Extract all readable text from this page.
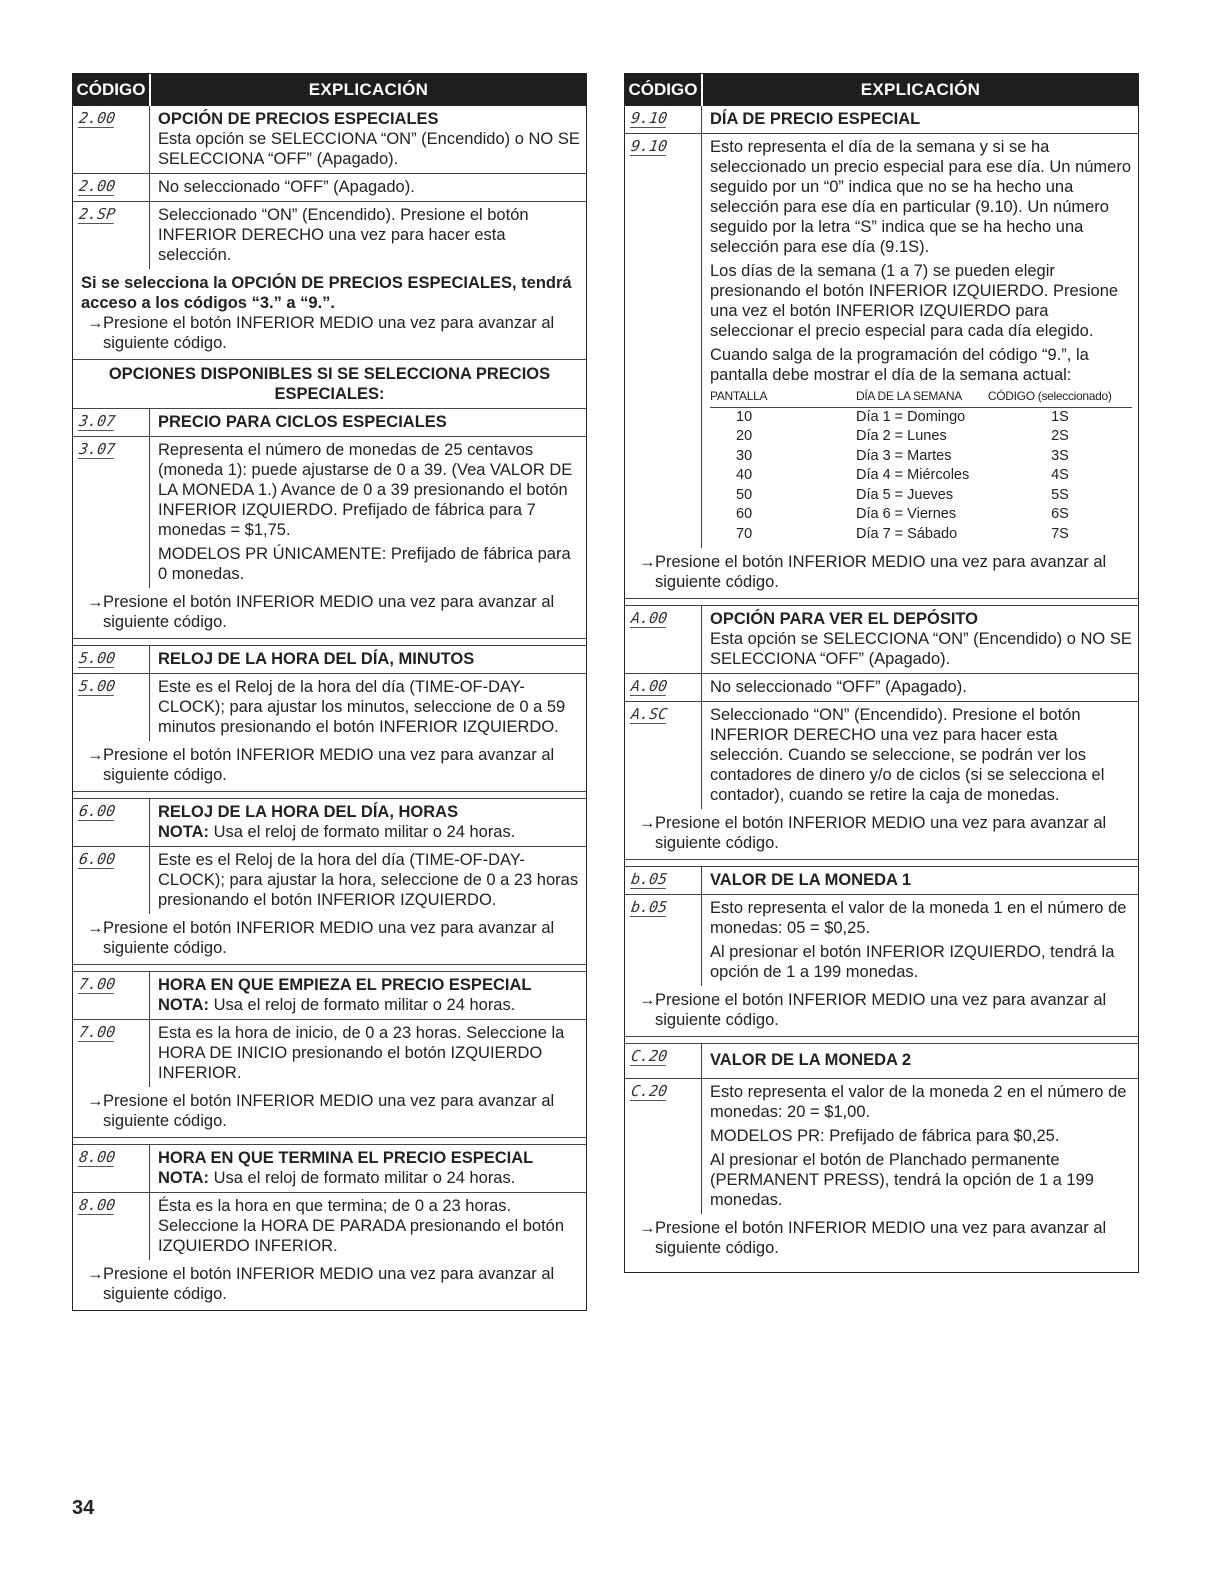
CÓDIGO	EXPLICACIÓN
2.00	OPCIÓN DE PRECIOS ESPECIALES
Esta opción se SELECCIONA “ON” (Encendido) o NO SE SELECCIONA “OFF” (Apagado).
2.00	No seleccionado “OFF” (Apagado).
2.SP	Seleccionado “ON” (Encendido). Presione el botón INFERIOR DERECHO una vez para hacer esta selección.
Si se selecciona la OPCIÓN DE PRECIOS ESPECIALES, tendrá acceso a los códigos “3.” a “9.”.
→Presione el botón INFERIOR MEDIO una vez para avanzar al siguiente código.
OPCIONES DISPONIBLES SI SE SELECCIONA PRECIOS ESPECIALES:
3.07	PRECIO PARA CICLOS ESPECIALES
3.07	Representa el número de monedas de 25 centavos (moneda 1): puede ajustarse de 0 a 39. (Vea VALOR DE LA MONEDA 1.) Avance de 0 a 39 presionando el botón INFERIOR IZQUIERDO. Prefijado de fábrica para 7 monedas = $1,75.
MODELOS PR ÚNICAMENTE: Prefijado de fábrica para 0 monedas.
→Presione el botón INFERIOR MEDIO una vez para avanzar al siguiente código.
5.00	RELOJ DE LA HORA DEL DÍA, MINUTOS
5.00	Este es el Reloj de la hora del día (TIME-OF-DAY-CLOCK); para ajustar los minutos, seleccione de 0 a 59 minutos presionando el botón INFERIOR IZQUIERDO.
→Presione el botón INFERIOR MEDIO una vez para avanzar al siguiente código.
6.00	RELOJ DE LA HORA DEL DÍA, HORAS
NOTA: Usa el reloj de formato militar o 24 horas.
6.00	Este es el Reloj de la hora del día (TIME-OF-DAY-CLOCK); para ajustar la hora, seleccione de 0 a 23 horas presionando el botón INFERIOR IZQUIERDO.
→Presione el botón INFERIOR MEDIO una vez para avanzar al siguiente código.
7.00	HORA EN QUE EMPIEZA EL PRECIO ESPECIAL
NOTA: Usa el reloj de formato militar o 24 horas.
7.00	Esta es la hora de inicio, de 0 a 23 horas. Seleccione la HORA DE INICIO presionando el botón IZQUIERDO INFERIOR.
→Presione el botón INFERIOR MEDIO una vez para avanzar al siguiente código.
8.00	HORA EN QUE TERMINA EL PRECIO ESPECIAL
NOTA: Usa el reloj de formato militar o 24 horas.
8.00	Ésta es la hora en que termina; de 0 a 23 horas. Seleccione la HORA DE PARADA presionando el botón IZQUIERDO INFERIOR.
→Presione el botón INFERIOR MEDIO una vez para avanzar al siguiente código.
CÓDIGO	EXPLICACIÓN
9.10	DÍA DE PRECIO ESPECIAL
9.10	Esto representa el día de la semana y si se ha seleccionado un precio especial para ese día. Un número seguido por un “0” indica que no se ha hecho una selección para ese día en particular (9.10). Un número seguido por la letra “S” indica que se ha hecho una selección para ese día (9.1S).
Los días de la semana (1 a 7) se pueden elegir presionando el botón INFERIOR IZQUIERDO. Presione una vez el botón INFERIOR IZQUIERDO para seleccionar el precio especial para cada día elegido.
Cuando salga de la programación del código “9.”, la pantalla debe mostrar el día de la semana actual:
PANTALLA	DÍA DE LA SEMANA	CÓDIGO (seleccionado)
10	Día 1 = Domingo	1S
20	Día 2 = Lunes	2S
30	Día 3 = Martes	3S
40	Día 4 = Miércoles	4S
50	Día 5 = Jueves	5S
60	Día 6 = Viernes	6S
70	Día 7 = Sábado	7S
→Presione el botón INFERIOR MEDIO una vez para avanzar al siguiente código.
A.00	OPCIÓN PARA VER EL DEPÓSITO
Esta opción se SELECCIONA “ON” (Encendido) o NO SE SELECCIONA “OFF” (Apagado).
A.00	No seleccionado “OFF” (Apagado).
A.SC	Seleccionado “ON” (Encendido). Presione el botón INFERIOR DERECHO una vez para hacer esta selección. Cuando se seleccione, se podrán ver los contadores de dinero y/o de ciclos (si se selecciona el contador), cuando se retire la caja de monedas.
→Presione el botón INFERIOR MEDIO una vez para avanzar al siguiente código.
b.05	VALOR DE LA MONEDA 1
b.05	Esto representa el valor de la moneda 1 en el número de monedas: 05 = $0,25.
Al presionar el botón INFERIOR IZQUIERDO, tendrá la opción de 1 a 199 monedas.
→Presione el botón INFERIOR MEDIO una vez para avanzar al siguiente código.
C.20	VALOR DE LA MONEDA 2
C.20	Esto representa el valor de la moneda 2 en el número de monedas: 20 = $1,00.
MODELOS PR: Prefijado de fábrica para $0,25.
Al presionar el botón de Planchado permanente (PERMANENT PRESS), tendrá la opción de 1 a 199 monedas.
→Presione el botón INFERIOR MEDIO una vez para avanzar al siguiente código.
34
